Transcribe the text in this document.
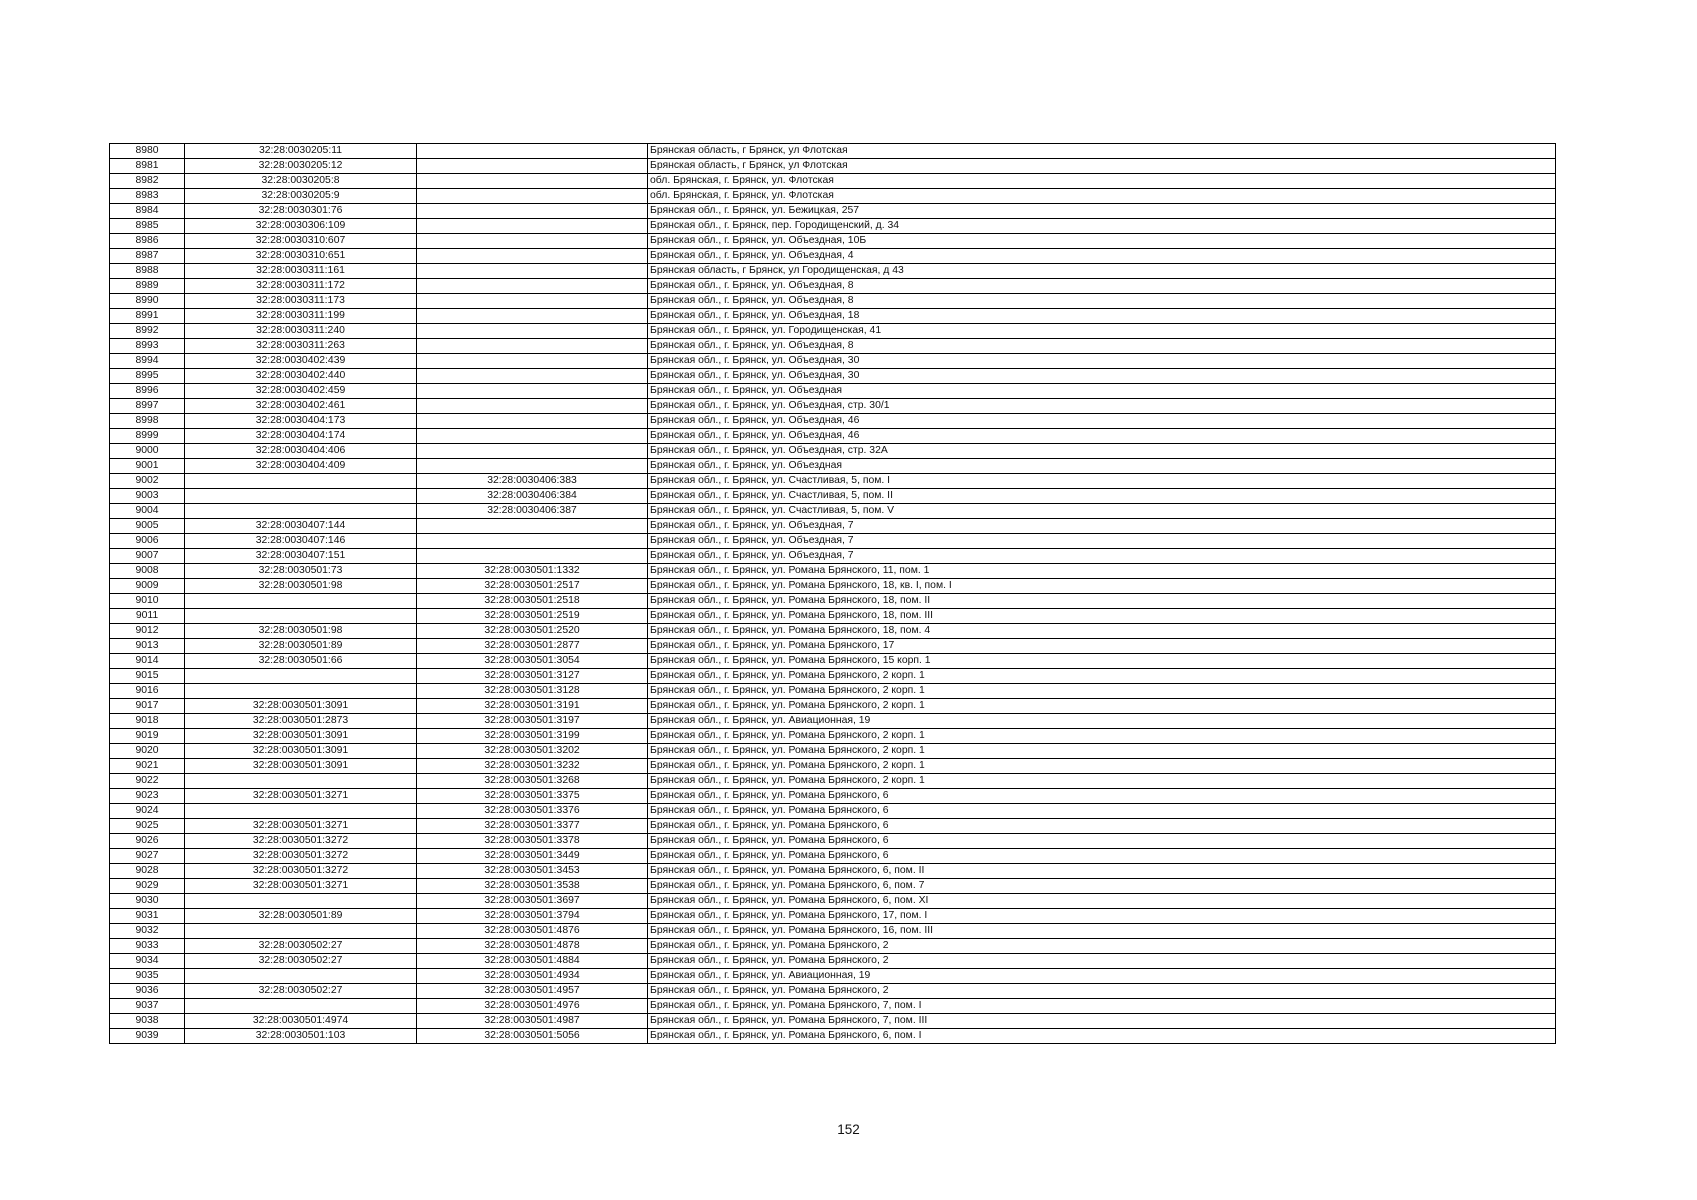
8980	32:28:0030205:11		Брянская область, г Брянск, ул Флотская
8981	32:28:0030205:12		Брянская область, г Брянск, ул Флотская
8982	32:28:0030205:8		обл. Брянская, г. Брянск, ул. Флотская
8983	32:28:0030205:9		обл. Брянская, г. Брянск, ул. Флотская
8984	32:28:0030301:76		Брянская обл., г. Брянск, ул. Бежицкая, 257
8985	32:28:0030306:109		Брянская обл., г. Брянск, пер. Городищенский, д. 34
8986	32:28:0030310:607		Брянская обл., г. Брянск, ул. Объездная, 10Б
8987	32:28:0030310:651		Брянская обл., г. Брянск, ул. Объездная, 4
8988	32:28:0030311:161		Брянская область, г Брянск, ул Городищенская, д 43
8989	32:28:0030311:172		Брянская обл., г. Брянск, ул. Объездная, 8
8990	32:28:0030311:173		Брянская обл., г. Брянск, ул. Объездная, 8
8991	32:28:0030311:199		Брянская обл., г. Брянск, ул. Объездная, 18
8992	32:28:0030311:240		Брянская обл., г. Брянск, ул. Городищенская, 41
8993	32:28:0030311:263		Брянская обл., г. Брянск, ул. Объездная, 8
8994	32:28:0030402:439		Брянская обл., г. Брянск, ул. Объездная, 30
8995	32:28:0030402:440		Брянская обл., г. Брянск, ул. Объездная, 30
8996	32:28:0030402:459		Брянская обл., г. Брянск, ул. Объездная
8997	32:28:0030402:461		Брянская обл., г. Брянск, ул. Объездная, стр. 30/1
8998	32:28:0030404:173		Брянская обл., г. Брянск, ул. Объездная, 46
8999	32:28:0030404:174		Брянская обл., г. Брянск, ул. Объездная, 46
9000	32:28:0030404:406		Брянская обл., г. Брянск, ул. Объездная, стр. 32А
9001	32:28:0030404:409		Брянская обл., г. Брянск, ул. Объездная
9002		32:28:0030406:383	Брянская обл., г. Брянск, ул. Счастливая, 5, пом. I
9003		32:28:0030406:384	Брянская обл., г. Брянск, ул. Счастливая, 5, пом. II
9004		32:28:0030406:387	Брянская обл., г. Брянск, ул. Счастливая, 5, пом. V
9005	32:28:0030407:144		Брянская обл., г. Брянск, ул. Объездная, 7
9006	32:28:0030407:146		Брянская обл., г. Брянск, ул. Объездная, 7
9007	32:28:0030407:151		Брянская обл., г. Брянск, ул. Объездная, 7
9008	32:28:0030501:73	32:28:0030501:1332	Брянская обл., г. Брянск, ул. Романа Брянского, 11, пом. 1
9009	32:28:0030501:98	32:28:0030501:2517	Брянская обл., г. Брянск, ул. Романа Брянского, 18, кв. I, пом. I
9010		32:28:0030501:2518	Брянская обл., г. Брянск, ул. Романа Брянского, 18, пом. II
9011		32:28:0030501:2519	Брянская обл., г. Брянск, ул. Романа Брянского, 18, пом. III
9012	32:28:0030501:98	32:28:0030501:2520	Брянская обл., г. Брянск, ул. Романа Брянского, 18, пом. 4
9013	32:28:0030501:89	32:28:0030501:2877	Брянская обл., г. Брянск, ул. Романа Брянского, 17
9014	32:28:0030501:66	32:28:0030501:3054	Брянская обл., г. Брянск, ул. Романа Брянского, 15 корп. 1
9015		32:28:0030501:3127	Брянская обл., г. Брянск, ул. Романа Брянского, 2 корп. 1
9016		32:28:0030501:3128	Брянская обл., г. Брянск, ул. Романа Брянского, 2 корп. 1
9017	32:28:0030501:3091	32:28:0030501:3191	Брянская обл., г. Брянск, ул. Романа Брянского, 2 корп. 1
9018	32:28:0030501:2873	32:28:0030501:3197	Брянская обл., г. Брянск, ул. Авиационная, 19
9019	32:28:0030501:3091	32:28:0030501:3199	Брянская обл., г. Брянск, ул. Романа Брянского, 2 корп. 1
9020	32:28:0030501:3091	32:28:0030501:3202	Брянская обл., г. Брянск, ул. Романа Брянского, 2 корп. 1
9021	32:28:0030501:3091	32:28:0030501:3232	Брянская обл., г. Брянск, ул. Романа Брянского, 2 корп. 1
9022		32:28:0030501:3268	Брянская обл., г. Брянск, ул. Романа Брянского, 2 корп. 1
9023	32:28:0030501:3271	32:28:0030501:3375	Брянская обл., г. Брянск, ул. Романа Брянского, 6
9024		32:28:0030501:3376	Брянская обл., г. Брянск, ул. Романа Брянского, 6
9025	32:28:0030501:3271	32:28:0030501:3377	Брянская обл., г. Брянск, ул. Романа Брянского, 6
9026	32:28:0030501:3272	32:28:0030501:3378	Брянская обл., г. Брянск, ул. Романа Брянского, 6
9027	32:28:0030501:3272	32:28:0030501:3449	Брянская обл., г. Брянск, ул. Романа Брянского, 6
9028	32:28:0030501:3272	32:28:0030501:3453	Брянская обл., г. Брянск, ул. Романа Брянского, 6, пом. II
9029	32:28:0030501:3271	32:28:0030501:3538	Брянская обл., г. Брянск, ул. Романа Брянского, 6, пом. 7
9030		32:28:0030501:3697	Брянская обл., г. Брянск, ул. Романа Брянского, 6, пом. XI
9031	32:28:0030501:89	32:28:0030501:3794	Брянская обл., г. Брянск, ул. Романа Брянского, 17, пом. I
9032		32:28:0030501:4876	Брянская обл., г. Брянск, ул. Романа Брянского, 16, пом. III
9033	32:28:0030502:27	32:28:0030501:4878	Брянская обл., г. Брянск, ул. Романа Брянского, 2
9034	32:28:0030502:27	32:28:0030501:4884	Брянская обл., г. Брянск, ул. Романа Брянского, 2
9035		32:28:0030501:4934	Брянская обл., г. Брянск, ул. Авиационная, 19
9036	32:28:0030502:27	32:28:0030501:4957	Брянская обл., г. Брянск, ул. Романа Брянского, 2
9037		32:28:0030501:4976	Брянская обл., г. Брянск, ул. Романа Брянского, 7, пом. I
9038	32:28:0030501:4974	32:28:0030501:4987	Брянская обл., г. Брянск, ул. Романа Брянского, 7, пом. III
9039	32:28:0030501:103	32:28:0030501:5056	Брянская обл., г. Брянск, ул. Романа Брянского, 6, пом. I
152
